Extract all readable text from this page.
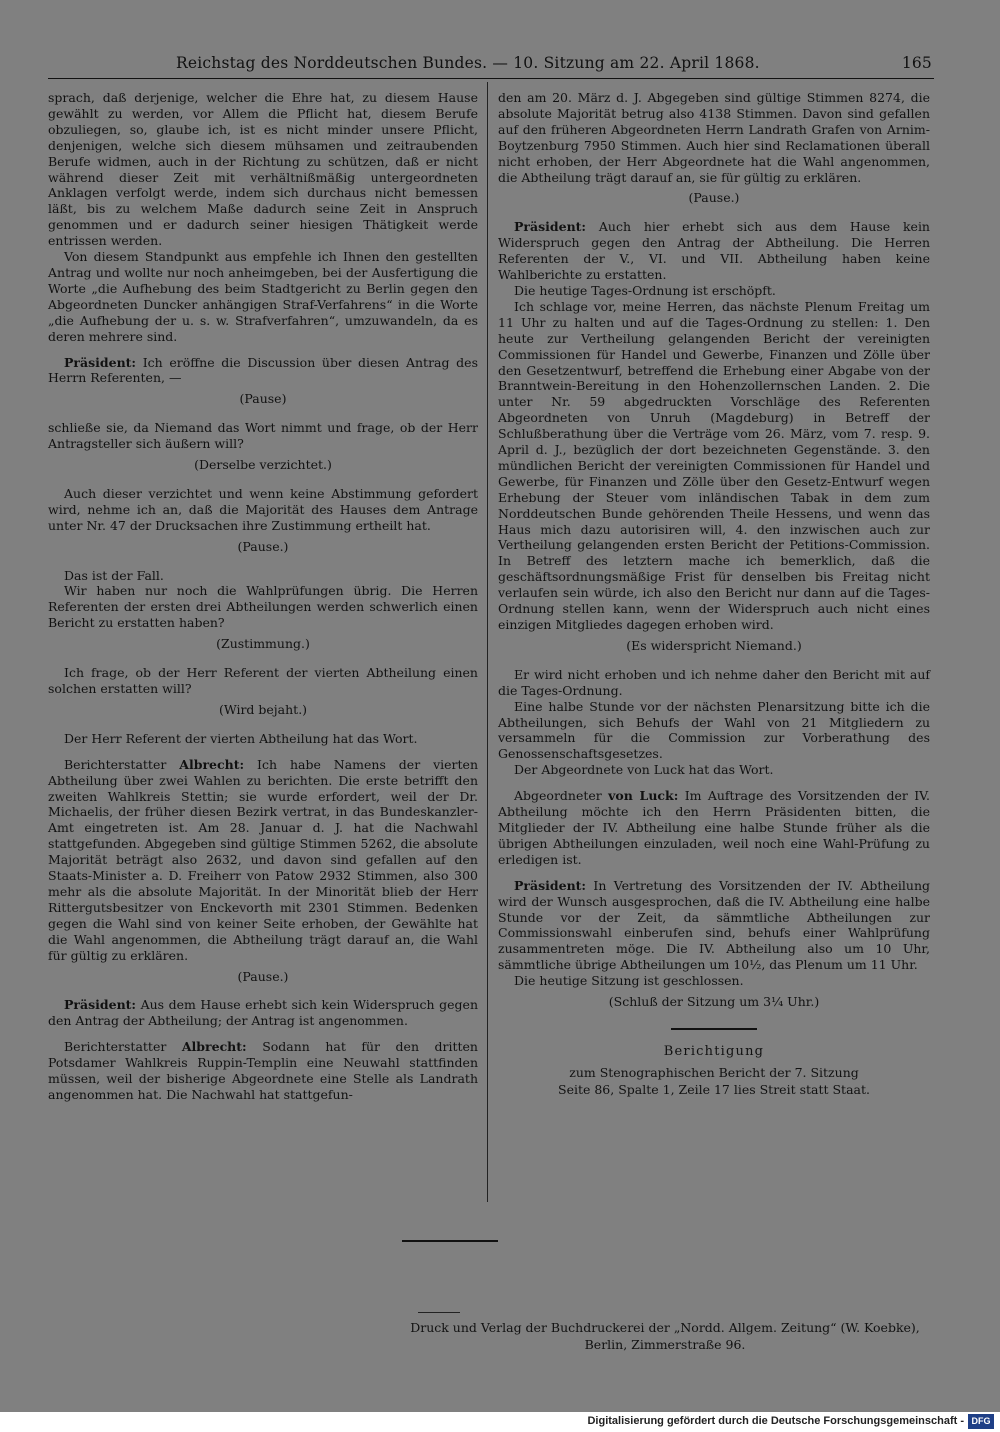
Reichstag des Norddeutschen Bundes. — 10. Sitzung am 22. April 1868.	165

sprach, daß derjenige, welcher die Ehre hat, zu diesem Hause gewählt zu werden, vor Allem die Pflicht hat, diesem Berufe obzuliegen, so, glaube ich, ist es nicht minder unsere Pflicht, denjenigen, welche sich diesem mühsamen und zeitraubenden Berufe widmen, auch in der Richtung zu schützen, daß er nicht während dieser Zeit mit verhältnißmäßig untergeordneten Anklagen verfolgt werde, indem sich durchaus nicht bemessen läßt, bis zu welchem Maße dadurch seine Zeit in Anspruch genommen und er dadurch seiner hiesigen Thätigkeit werde entrissen werden.

Von diesem Standpunkt aus empfehle ich Ihnen den gestellten Antrag und wollte nur noch anheimgeben, bei der Ausfertigung die Worte „die Aufhebung des beim Stadtgericht zu Berlin gegen den Abgeordneten Duncker anhängigen Straf-Verfahrens“ in die Worte „die Aufhebung der u. s. w. Strafverfahren“, umzuwandeln, da es deren mehrere sind.

Präsident: Ich eröffne die Discussion über diesen Antrag des Herrn Referenten, —

(Pause)

schließe sie, da Niemand das Wort nimmt und frage, ob der Herr Antragsteller sich äußern will?

(Derselbe verzichtet.)

Auch dieser verzichtet und wenn keine Abstimmung gefordert wird, nehme ich an, daß die Majorität des Hauses dem Antrage unter Nr. 47 der Drucksachen ihre Zustimmung ertheilt hat.

(Pause.)

Das ist der Fall.

Wir haben nur noch die Wahlprüfungen übrig. Die Herren Referenten der ersten drei Abtheilungen werden schwerlich einen Bericht zu erstatten haben?

(Zustimmung.)

Ich frage, ob der Herr Referent der vierten Abtheilung einen solchen erstatten will?

(Wird bejaht.)

Der Herr Referent der vierten Abtheilung hat das Wort.

Berichterstatter Albrecht: Ich habe Namens der vierten Abtheilung über zwei Wahlen zu berichten. Die erste betrifft den zweiten Wahlkreis Stettin; sie wurde erfordert, weil der Dr. Michaelis, der früher diesen Bezirk vertrat, in das Bundeskanzler-Amt eingetreten ist. Am 28. Januar d. J. hat die Nachwahl stattgefunden. Abgegeben sind gültige Stimmen 5262, die absolute Majorität beträgt also 2632, und davon sind gefallen auf den Staats-Minister a. D. Freiherr von Patow 2932 Stimmen, also 300 mehr als die absolute Majorität. In der Minorität blieb der Herr Rittergutsbesitzer von Enckevorth mit 2301 Stimmen. Bedenken gegen die Wahl sind von keiner Seite erhoben, der Gewählte hat die Wahl angenommen, die Abtheilung trägt darauf an, die Wahl für gültig zu erklären.

(Pause.)

Präsident: Aus dem Hause erhebt sich kein Widerspruch gegen den Antrag der Abtheilung; der Antrag ist angenommen.

Berichterstatter Albrecht: Sodann hat für den dritten Potsdamer Wahlkreis Ruppin-Templin eine Neuwahl stattfinden müssen, weil der bisherige Abgeordnete eine Stelle als Landrath angenommen hat. Die Nachwahl hat stattgefun-

den am 20. März d. J. Abgegeben sind gültige Stimmen 8274, die absolute Majorität betrug also 4138 Stimmen. Davon sind gefallen auf den früheren Abgeordneten Herrn Landrath Grafen von Arnim-Boytzenburg 7950 Stimmen. Auch hier sind Reclamationen überall nicht erhoben, der Herr Abgeordnete hat die Wahl angenommen, die Abtheilung trägt darauf an, sie für gültig zu erklären.

(Pause.)

Präsident: Auch hier erhebt sich aus dem Hause kein Widerspruch gegen den Antrag der Abtheilung. Die Herren Referenten der V., VI. und VII. Abtheilung haben keine Wahlberichte zu erstatten.

Die heutige Tages-Ordnung ist erschöpft.

Ich schlage vor, meine Herren, das nächste Plenum Freitag um 11 Uhr zu halten und auf die Tages-Ordnung zu stellen: 1. Den heute zur Vertheilung gelangenden Bericht der vereinigten Commissionen für Handel und Gewerbe, Finanzen und Zölle über den Gesetzentwurf, betreffend die Erhebung einer Abgabe von der Branntwein-Bereitung in den Hohenzollernschen Landen. 2. Die unter Nr. 59 abgedruckten Vorschläge des Referenten Abgeordneten von Unruh (Magdeburg) in Betreff der Schlußberathung über die Verträge vom 26. März, vom 7. resp. 9. April d. J., bezüglich der dort bezeichneten Gegenstände. 3. den mündlichen Bericht der vereinigten Commissionen für Handel und Gewerbe, für Finanzen und Zölle über den Gesetz-Entwurf wegen Erhebung der Steuer vom inländischen Tabak in dem zum Norddeutschen Bunde gehörenden Theile Hessens, und wenn das Haus mich dazu autorisiren will, 4. den inzwischen auch zur Vertheilung gelangenden ersten Bericht der Petitions-Commission. In Betreff des letztern mache ich bemerklich, daß die geschäftsordnungsmäßige Frist für denselben bis Freitag nicht verlaufen sein würde, ich also den Bericht nur dann auf die Tages-Ordnung stellen kann, wenn der Widerspruch auch nicht eines einzigen Mitgliedes dagegen erhoben wird.

(Es widerspricht Niemand.)

Er wird nicht erhoben und ich nehme daher den Bericht mit auf die Tages-Ordnung.

Eine halbe Stunde vor der nächsten Plenarsitzung bitte ich die Abtheilungen, sich Behufs der Wahl von 21 Mitgliedern zu versammeln für die Commission zur Vorberathung des Genossenschaftsgesetzes.

Der Abgeordnete von Luck hat das Wort.

Abgeordneter von Luck: Im Auftrage des Vorsitzenden der IV. Abtheilung möchte ich den Herrn Präsidenten bitten, die Mitglieder der IV. Abtheilung eine halbe Stunde früher als die übrigen Abtheilungen einzuladen, weil noch eine Wahl-Prüfung zu erledigen ist.

Präsident: In Vertretung des Vorsitzenden der IV. Abtheilung wird der Wunsch ausgesprochen, daß die IV. Abtheilung eine halbe Stunde vor der Zeit, da sämmtliche Abtheilungen zur Commissionswahl einberufen sind, behufs einer Wahlprüfung zusammentreten möge. Die IV. Abtheilung also um 10 Uhr, sämmtliche übrige Abtheilungen um 10½, das Plenum um 11 Uhr.

Die heutige Sitzung ist geschlossen.

(Schluß der Sitzung um 3¼ Uhr.)
Berichtigung
zum Stenographischen Bericht der 7. Sitzung
Seite 86, Spalte 1, Zeile 17 lies Streit statt Staat.
Druck und Verlag der Buchdruckerei der „Nordd. Allgem. Zeitung“ (W. Koebke),
Berlin, Zimmerstraße 96.
Digitalisierung gefördert durch die Deutsche Forschungsgemeinschaft - DFG
